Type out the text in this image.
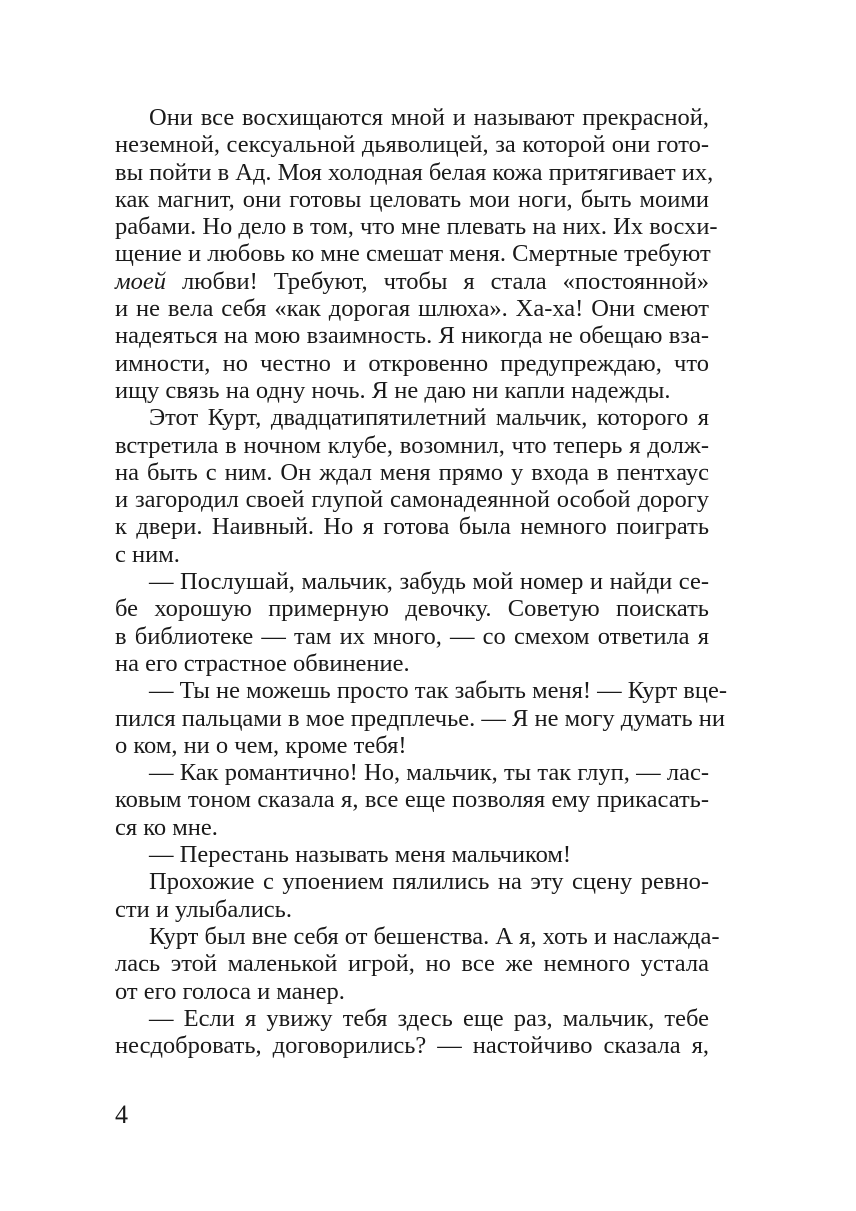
Они все восхищаются мной и называют прекрасной,
неземной, сексуальной дьяволицей, за которой они гото-
вы пойти в Ад. Моя холодная белая кожа притягивает их,
как магнит, они готовы целовать мои ноги, быть моими
рабами. Но дело в том, что мне плевать на них. Их восхи-
щение и любовь ко мне смешат меня. Смертные требуют
моей любви! Требуют, чтобы я стала «постоянной»
и не вела себя «как дорогая шлюха». Ха-ха! Они смеют
надеяться на мою взаимность. Я никогда не обещаю вза-
имности, но честно и откровенно предупреждаю, что
ищу связь на одну ночь. Я не даю ни капли надежды.
Этот Курт, двадцатипятилетний мальчик, которого я
встретила в ночном клубе, возомнил, что теперь я долж-
на быть с ним. Он ждал меня прямо у входа в пентхаус
и загородил своей глупой самонадеянной особой дорогу
к двери. Наивный. Но я готова была немного поиграть
с ним.
— Послушай, мальчик, забудь мой номер и найди се-
бе хорошую примерную девочку. Советую поискать
в библиотеке — там их много, — со смехом ответила я
на его страстное обвинение.
— Ты не можешь просто так забыть меня! — Курт вце-
пился пальцами в мое предплечье. — Я не могу думать ни
о ком, ни о чем, кроме тебя!
— Как романтично! Но, мальчик, ты так глуп, — лас-
ковым тоном сказала я, все еще позволяя ему прикасать-
ся ко мне.
— Перестань называть меня мальчиком!
Прохожие с упоением пялились на эту сцену ревно-
сти и улыбались.
Курт был вне себя от бешенства. А я, хоть и наслажда-
лась этой маленькой игрой, но все же немного устала
от его голоса и манер.
— Если я увижу тебя здесь еще раз, мальчик, тебе
несдобровать, договорились? — настойчиво сказала я,
4
